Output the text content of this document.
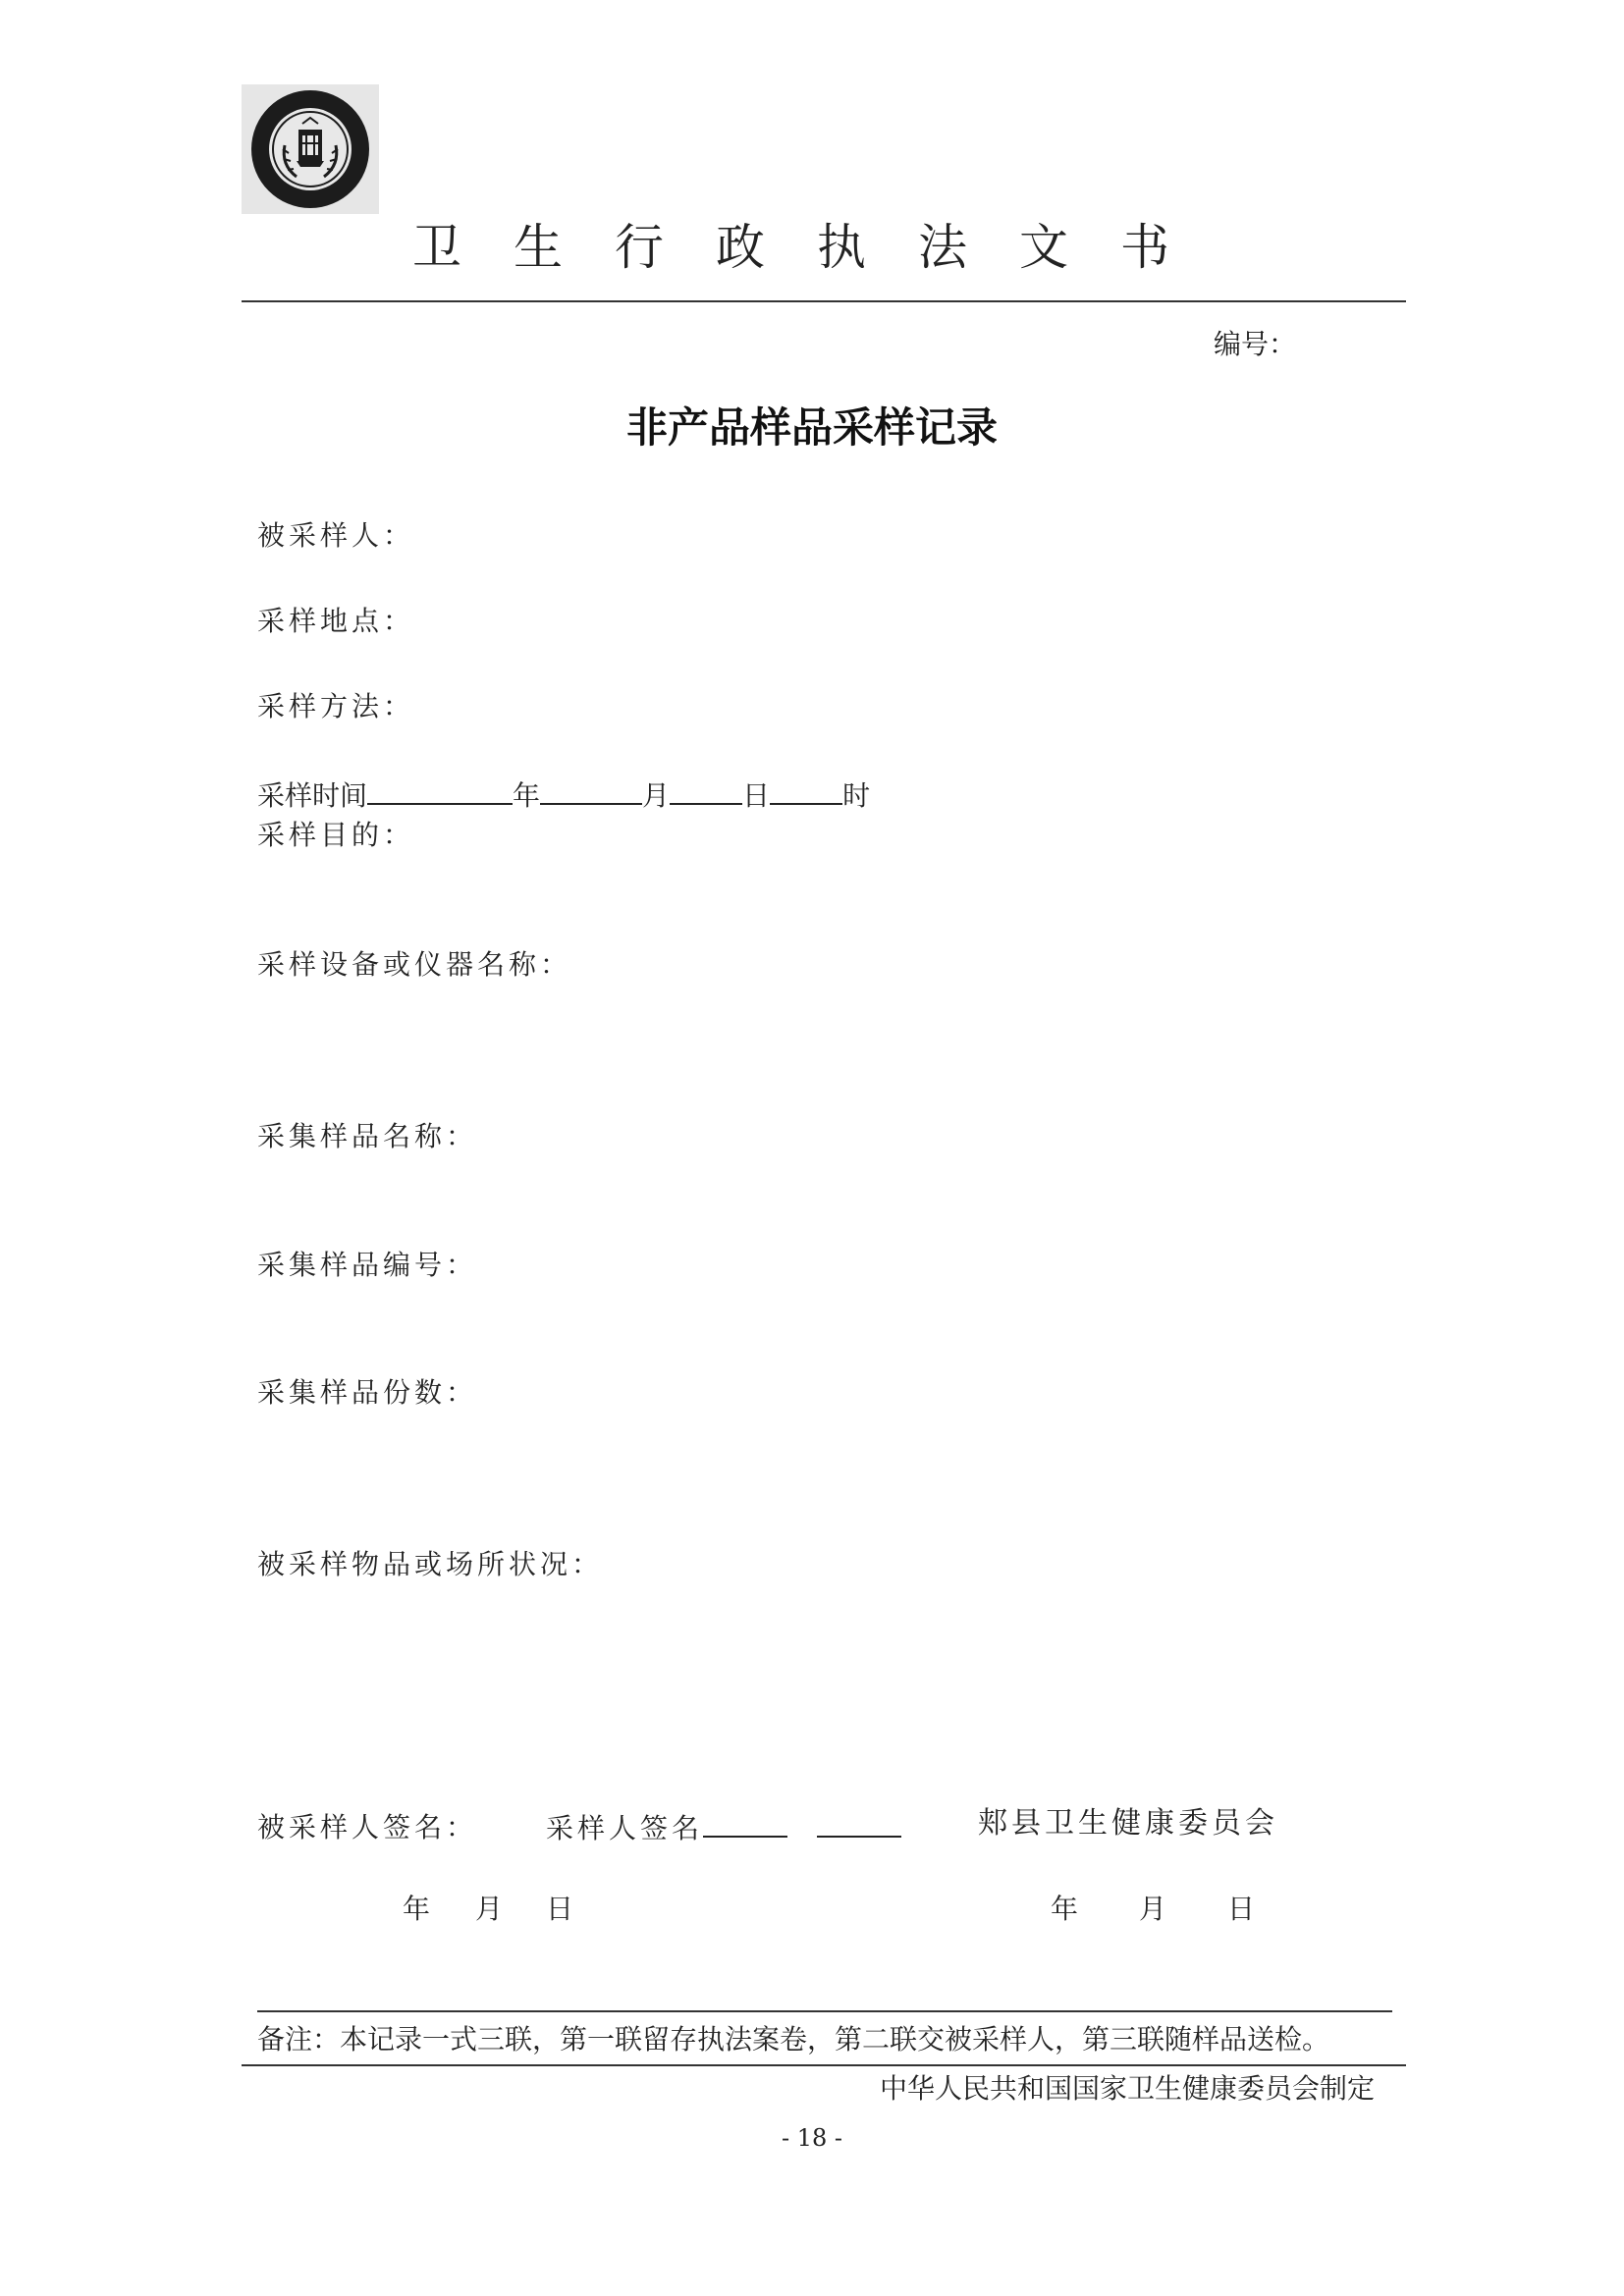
卫生行政执法文书
编号：
非产品样品采样记录
被采样人：
采样地点：
采样方法：
采样时间	年	月	日	时
采样目的：
采样设备或仪器名称：
采集样品名称：
采集样品编号：
采集样品份数：
被采样物品或场所状况：
被采样人签名： 采样人签名	郏县卫生健康委员会
年 月 日	年 月 日
备注：本记录一式三联，第一联留存执法案卷，第二联交被采样人，第三联随样品送检。
中华人民共和国国家卫生健康委员会制定
- 18 -
